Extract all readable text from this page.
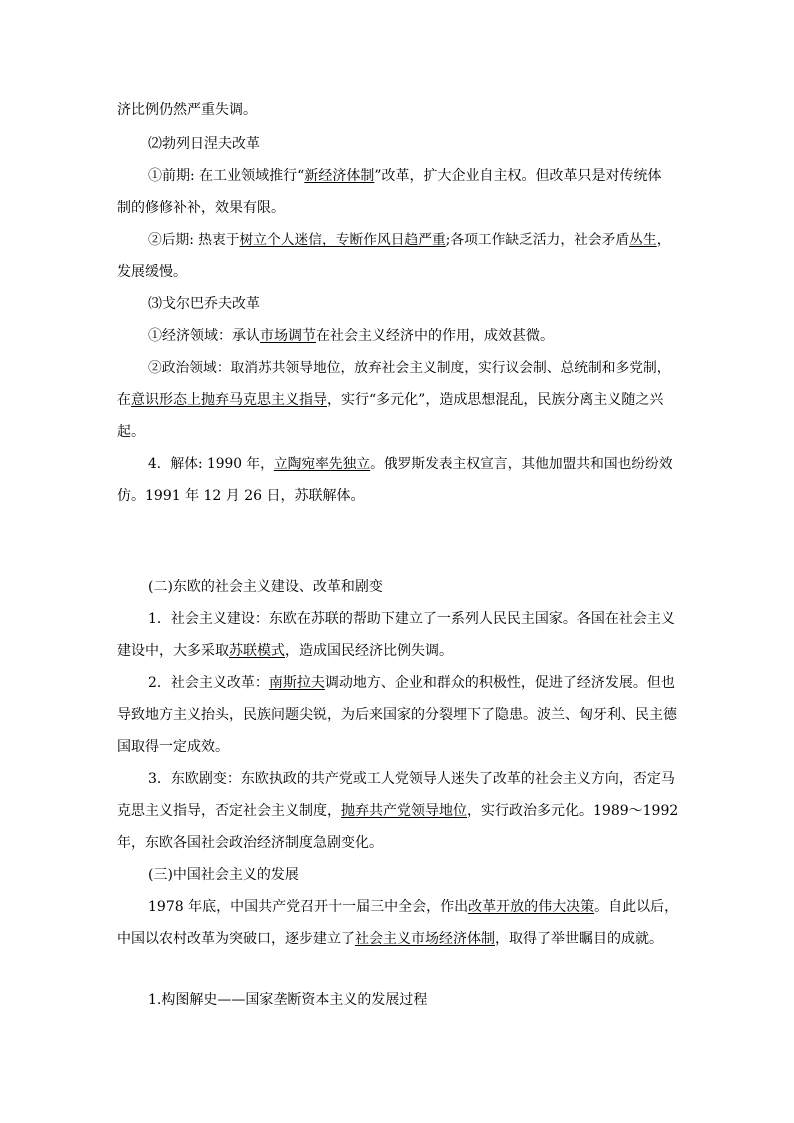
济比例仍然严重失调。
⑵勃列日涅夫改革
①前期: 在工业领域推行“新经济体制”改革，扩大企业自主权。但改革只是对传统体
制的修修补补，效果有限。
②后期: 热衷于树立个人迷信，专断作风日趋严重;各项工作缺乏活力，社会矛盾丛生，
发展缓慢。
⑶戈尔巴乔夫改革
①经济领域：承认市场调节在社会主义经济中的作用，成效甚微。
②政治领域：取消苏共领导地位，放弃社会主义制度，实行议会制、总统制和多党制，
在意识形态上抛弃马克思主义指导，实行“多元化”，造成思想混乱，民族分离主义随之兴
起。
4．解体: 1990 年，立陶宛率先独立。俄罗斯发表主权宣言，其他加盟共和国也纷纷效
仿。1991 年 12 月 26 日，苏联解体。
(二)东欧的社会主义建设、改革和剧变
1．社会主义建设：东欧在苏联的帮助下建立了一系列人民民主国家。各国在社会主义
建设中，大多采取苏联模式，造成国民经济比例失调。
2．社会主义改革：南斯拉夫调动地方、企业和群众的积极性，促进了经济发展。但也
导致地方主义抬头，民族问题尖锐，为后来国家的分裂埋下了隐患。波兰、匈牙利、民主德
国取得一定成效。
3．东欧剧变：东欧执政的共产党或工人党领导人迷失了改革的社会主义方向，否定马
克思主义指导，否定社会主义制度，抛弃共产党领导地位，实行政治多元化。1989～1992
年，东欧各国社会政治经济制度急剧变化。
(三)中国社会主义的发展
1978 年底，中国共产党召开十一届三中全会，作出改革开放的伟大决策。自此以后，
中国以农村改革为突破口，逐步建立了社会主义市场经济体制，取得了举世瞩目的成就。
1.构图解史——国家垄断资本主义的发展过程
